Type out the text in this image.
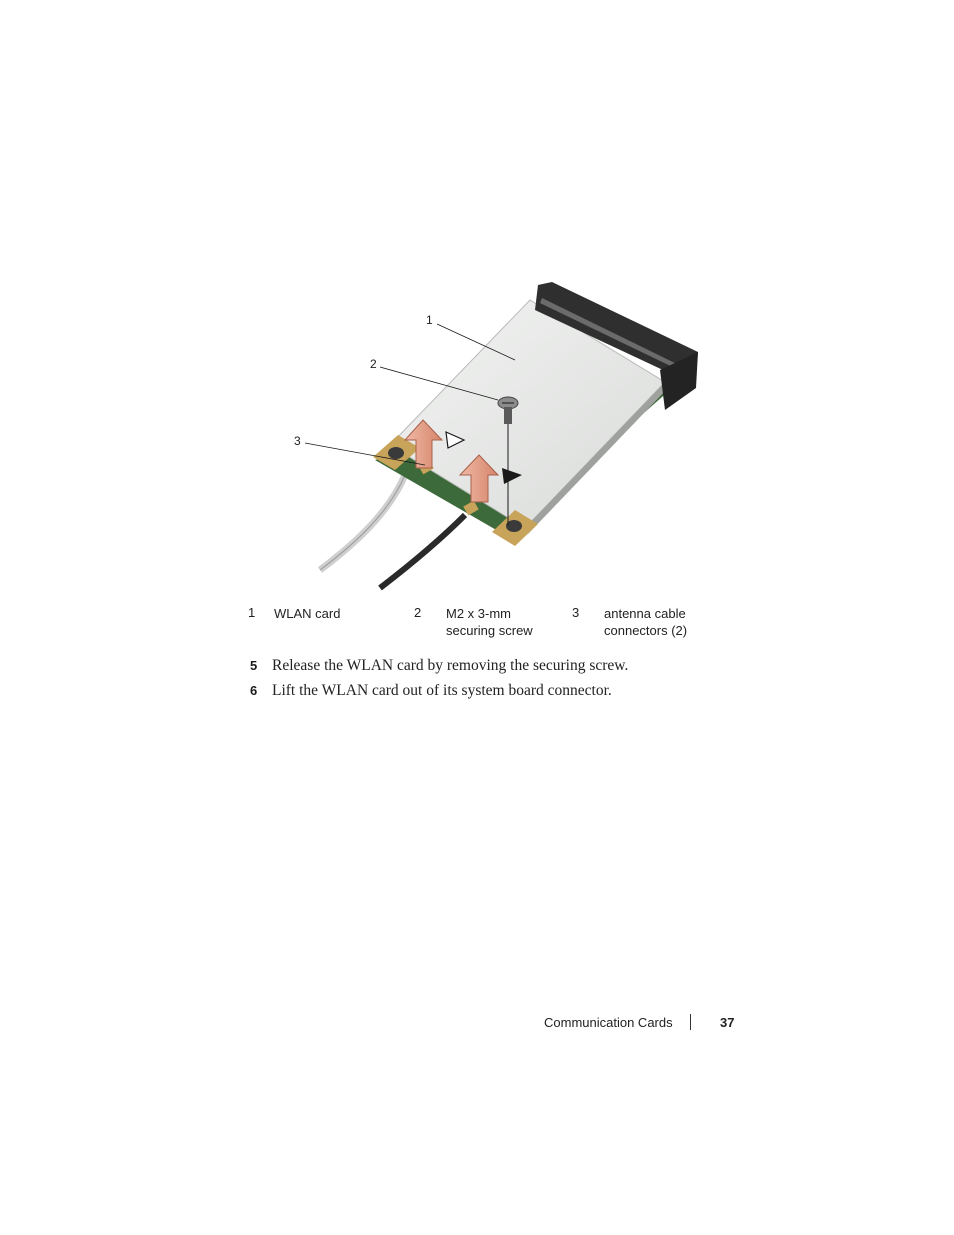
1
2
3
1 WLAN card	2 M2 x 3-mm
securing screw
3 antenna cable
connectors (2)
5 Release the WLAN card by removing the securing screw.
6 Lift the WLAN card out of its system board connector.
Communication Cards	37
